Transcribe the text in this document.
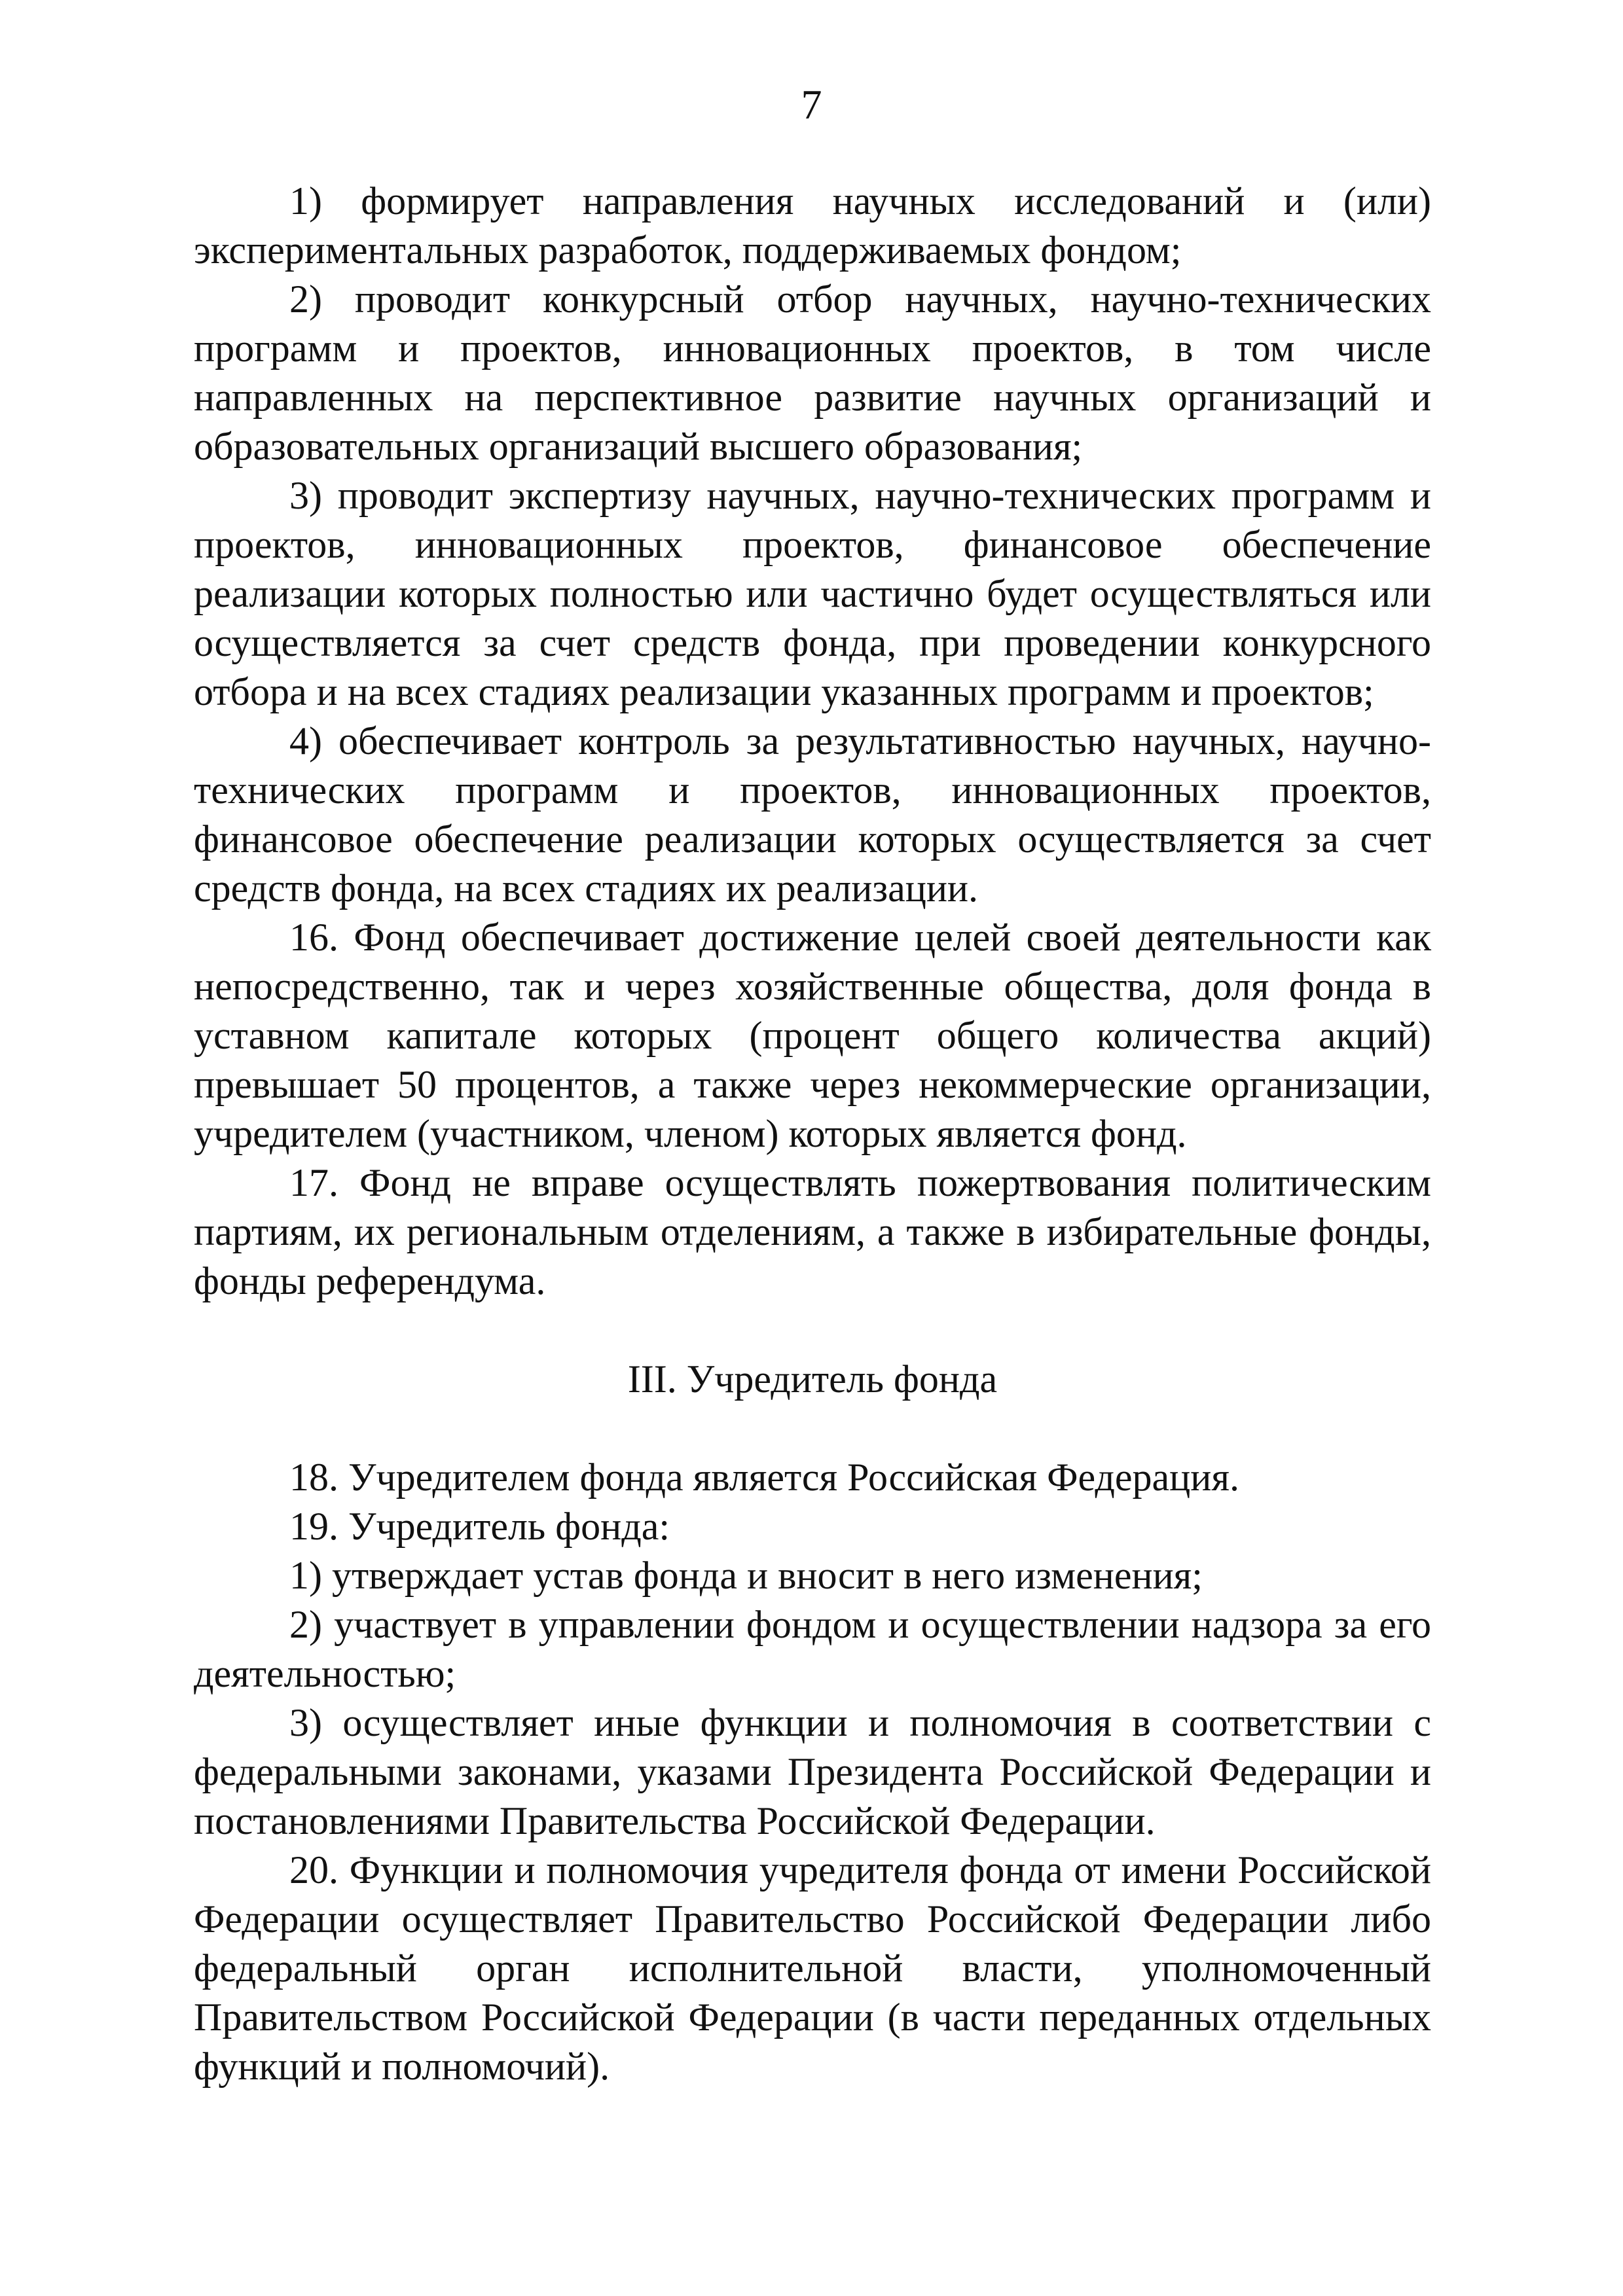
7

1) формирует направления научных исследований и (или) экспериментальных разработок, поддерживаемых фондом;

2) проводит конкурсный отбор научных, научно-технических программ и проектов, инновационных проектов, в том числе направленных на перспективное развитие научных организаций и образовательных организаций высшего образования;

3) проводит экспертизу научных, научно-технических программ и проектов, инновационных проектов, финансовое обеспечение реализации которых полностью или частично будет осуществляться или осуществляется за счет средств фонда, при проведении конкурсного отбора и на всех стадиях реализации указанных программ и проектов;

4) обеспечивает контроль за результативностью научных, научно-технических программ и проектов, инновационных проектов, финансовое обеспечение реализации которых осуществляется за счет средств фонда, на всех стадиях их реализации.

16. Фонд обеспечивает достижение целей своей деятельности как непосредственно, так и через хозяйственные общества, доля фонда в уставном капитале которых (процент общего количества акций) превышает 50 процентов, а также через некоммерческие организации, учредителем (участником, членом) которых является фонд.

17. Фонд не вправе осуществлять пожертвования политическим партиям, их региональным отделениям, а также в избирательные фонды, фонды референдума.

III. Учредитель фонда

18. Учредителем фонда является Российская Федерация.

19. Учредитель фонда:

1) утверждает устав фонда и вносит в него изменения;

2) участвует в управлении фондом и осуществлении надзора за его деятельностью;

3) осуществляет иные функции и полномочия в соответствии с федеральными законами, указами Президента Российской Федерации и постановлениями Правительства Российской Федерации.

20. Функции и полномочия учредителя фонда от имени Российской Федерации осуществляет Правительство Российской Федерации либо федеральный орган исполнительной власти, уполномоченный Правительством Российской Федерации (в части переданных отдельных функций и полномочий).
